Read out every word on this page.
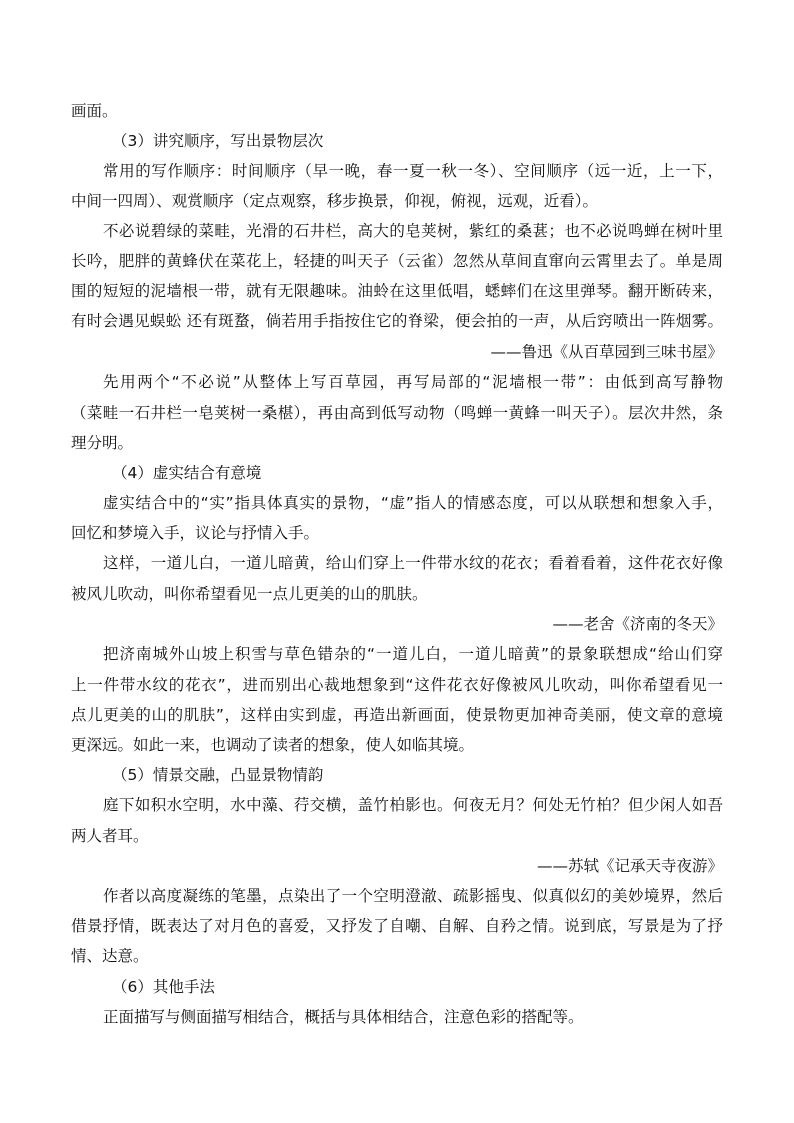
画面。
（3）讲究顺序，写出景物层次
常用的写作顺序：时间顺序（早一晚，春一夏一秋一冬）、空间顺序（远一近，上一下，
中间一四周）、观赏顺序（定点观察，移步换景，仰视，俯视，远观，近看）。
不必说碧绿的菜畦，光滑的石井栏，高大的皂荚树，紫红的桑葚；也不必说鸣蝉在树叶里
长吟，肥胖的黄蜂伏在菜花上，轻捷的叫天子（云雀）忽然从草间直窜向云霄里去了。单是周
围的短短的泥墙根一带，就有无限趣味。油蛉在这里低唱，蟋蟀们在这里弹琴。翻开断砖来，
有时会遇见蜈蚣 还有斑蝥，倘若用手指按住它的脊梁，便会拍的一声，从后窍喷出一阵烟雾。
——鲁迅《从百草园到三味书屋》
先用两个“不必说”从整体上写百草园，再写局部的“泥墙根一带”：由低到高写静物
（菜畦一石井栏一皂荚树一桑椹），再由高到低写动物（鸣蝉一黄蜂一叫天子）。层次井然，条
理分明。
（4）虚实结合有意境
虚实结合中的“实”指具体真实的景物，“虚”指人的情感态度，可以从联想和想象入手，
回忆和梦境入手，议论与抒情入手。
这样，一道儿白，一道儿暗黄，给山们穿上一件带水纹的花衣；看着看着，这件花衣好像
被风儿吹动，叫你希望看见一点儿更美的山的肌肤。
——老舍《济南的冬天》
把济南城外山坡上积雪与草色错杂的“一道儿白，一道儿暗黄”的景象联想成“给山们穿
上一件带水纹的花衣”，进而别出心裁地想象到“这件花衣好像被风儿吹动，叫你希望看见一
点儿更美的山的肌肤”，这样由实到虚，再造出新画面，使景物更加神奇美丽，使文章的意境
更深远。如此一来，也调动了读者的想象，使人如临其境。
（5）情景交融，凸显景物情韵
庭下如积水空明，水中藻、荇交横，盖竹柏影也。何夜无月？何处无竹柏？但少闲人如吾
两人者耳。
——苏轼《记承天寺夜游》
作者以高度凝练的笔墨，点染出了一个空明澄澈、疏影摇曳、似真似幻的美妙境界，然后
借景抒情，既表达了对月色的喜爱，又抒发了自嘲、自解、自矜之情。说到底，写景是为了抒
情、达意。
（6）其他手法
正面描写与侧面描写相结合，概括与具体相结合，注意色彩的搭配等。
